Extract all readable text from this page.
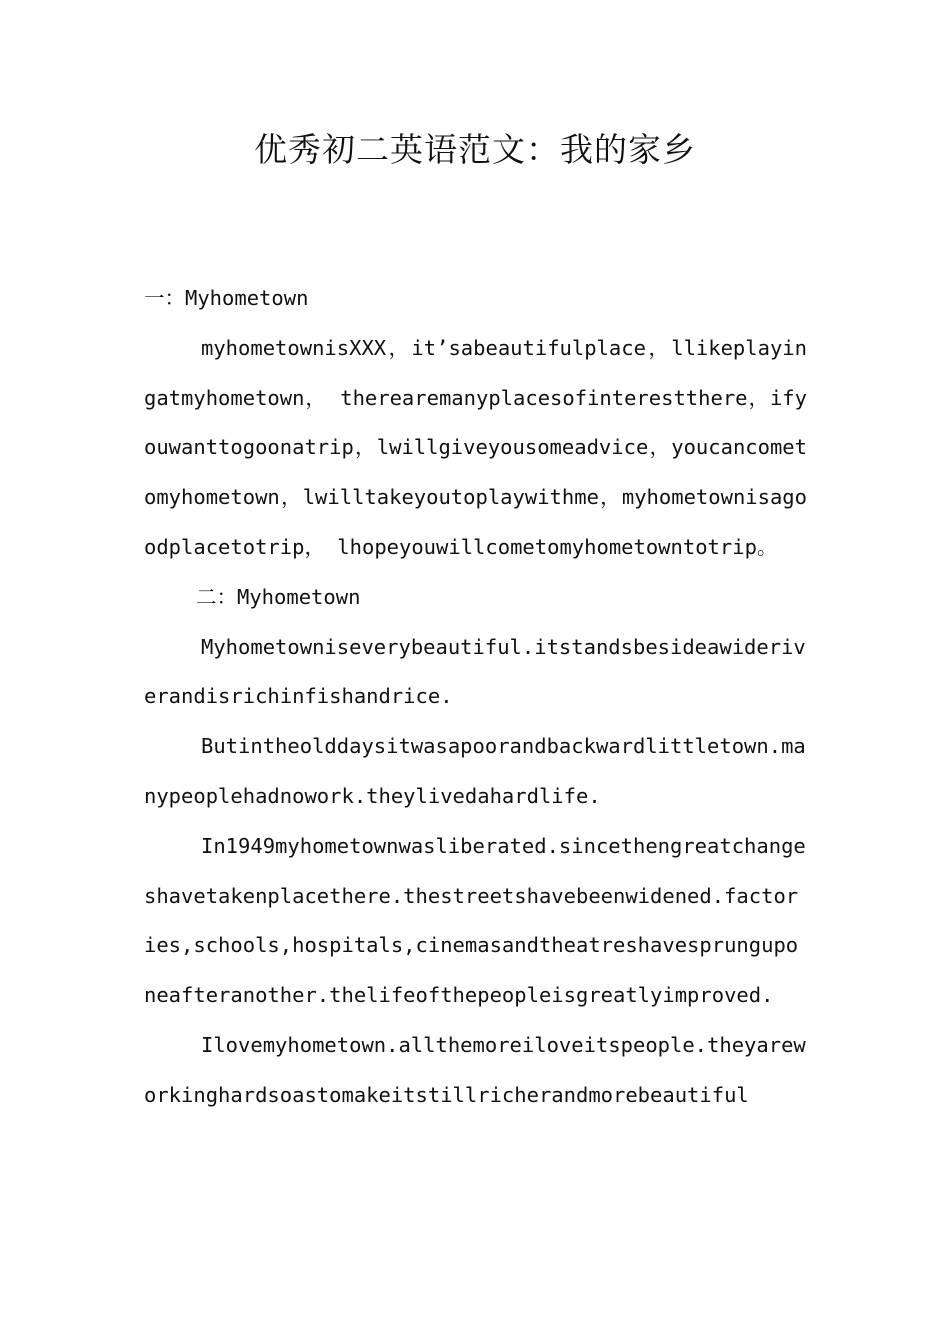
优秀初二英语范文：我的家乡
一：Myhometown

myhometownisXXX，it’sabeautifulplace，llikeplayingatmyhometown， therearemanyplacesofinterestthere，ifyouwanttogoonatrip，lwillgiveyousomeadvice，youcancometomyhometown，lwilltakeyoutoplaywithme，myhometownisagoodplacetotrip， lhopeyouwillcometomyhometowntotrip。

二：Myhometown

Myhometowniseverybeautiful.itstandsbesideawideriverandisrichinfishandrice.

Butintheolddaysitwasapoorandbackwardlittletown.manypeoplehadnowork.theylivedahardlife.

In1949myhometownwasliberated.sincethengreatchangeshavetakenplacethere.thestreetshavebeenwidened.factories,schools,hospitals,cinemasandtheatreshavesprunguponeafteranother.thelifeofthepeopleisgreatlyimproved.

Ilovemyhometown.allthemoreiloveitspeople.theyareworkinghardsoastomakeitstillricherandmorebeautiful
